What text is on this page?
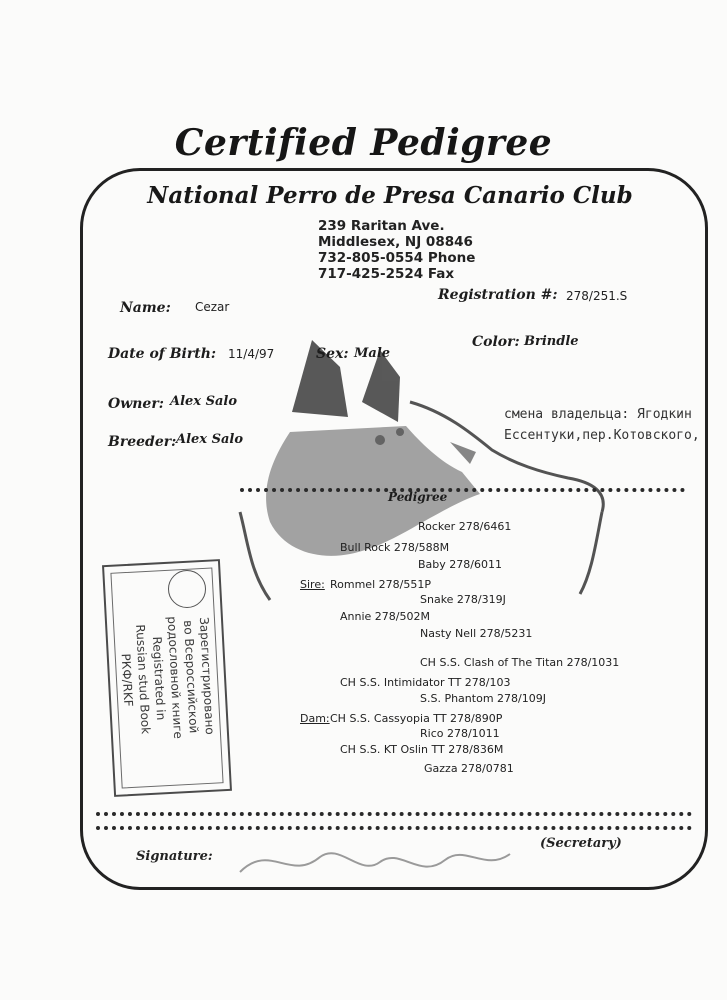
Certified Pedigree
National Perro de Presa Canario Club
239 Raritan Ave.
Middlesex, NJ 08846
732-805-0554 Phone
717-425-2524 Fax
Registration #: 278/251.S
Name: Cezar
Date of Birth: 11/4/97	Sex: Male
Color: Brindle
Owner: Alex Salo
Breeder: Alex Salo
смена владельца: Ягодкин
Ессентуки,пер.Котовского,
Pedigree
Rocker 278/6461
Bull Rock 278/588M
Baby 278/6011
Sire: Rommel 278/551P
Snake 278/319J
Annie 278/502M
Nasty Nell 278/5231
CH S.S. Clash of The Titan 278/1031
CH S.S. Intimidator TT 278/103
S.S. Phantom 278/109J
Dam: CH S.S. Cassyopia TT 278/890P
Rico 278/1011
CH S.S. KT Oslin TT 278/836M
Gazza 278/0781
Зарегистрировано
во Всероссийской
родословной книге
Registrated in
Russian stud Book
РКФ/RKF
Signature:
(Secretary)
